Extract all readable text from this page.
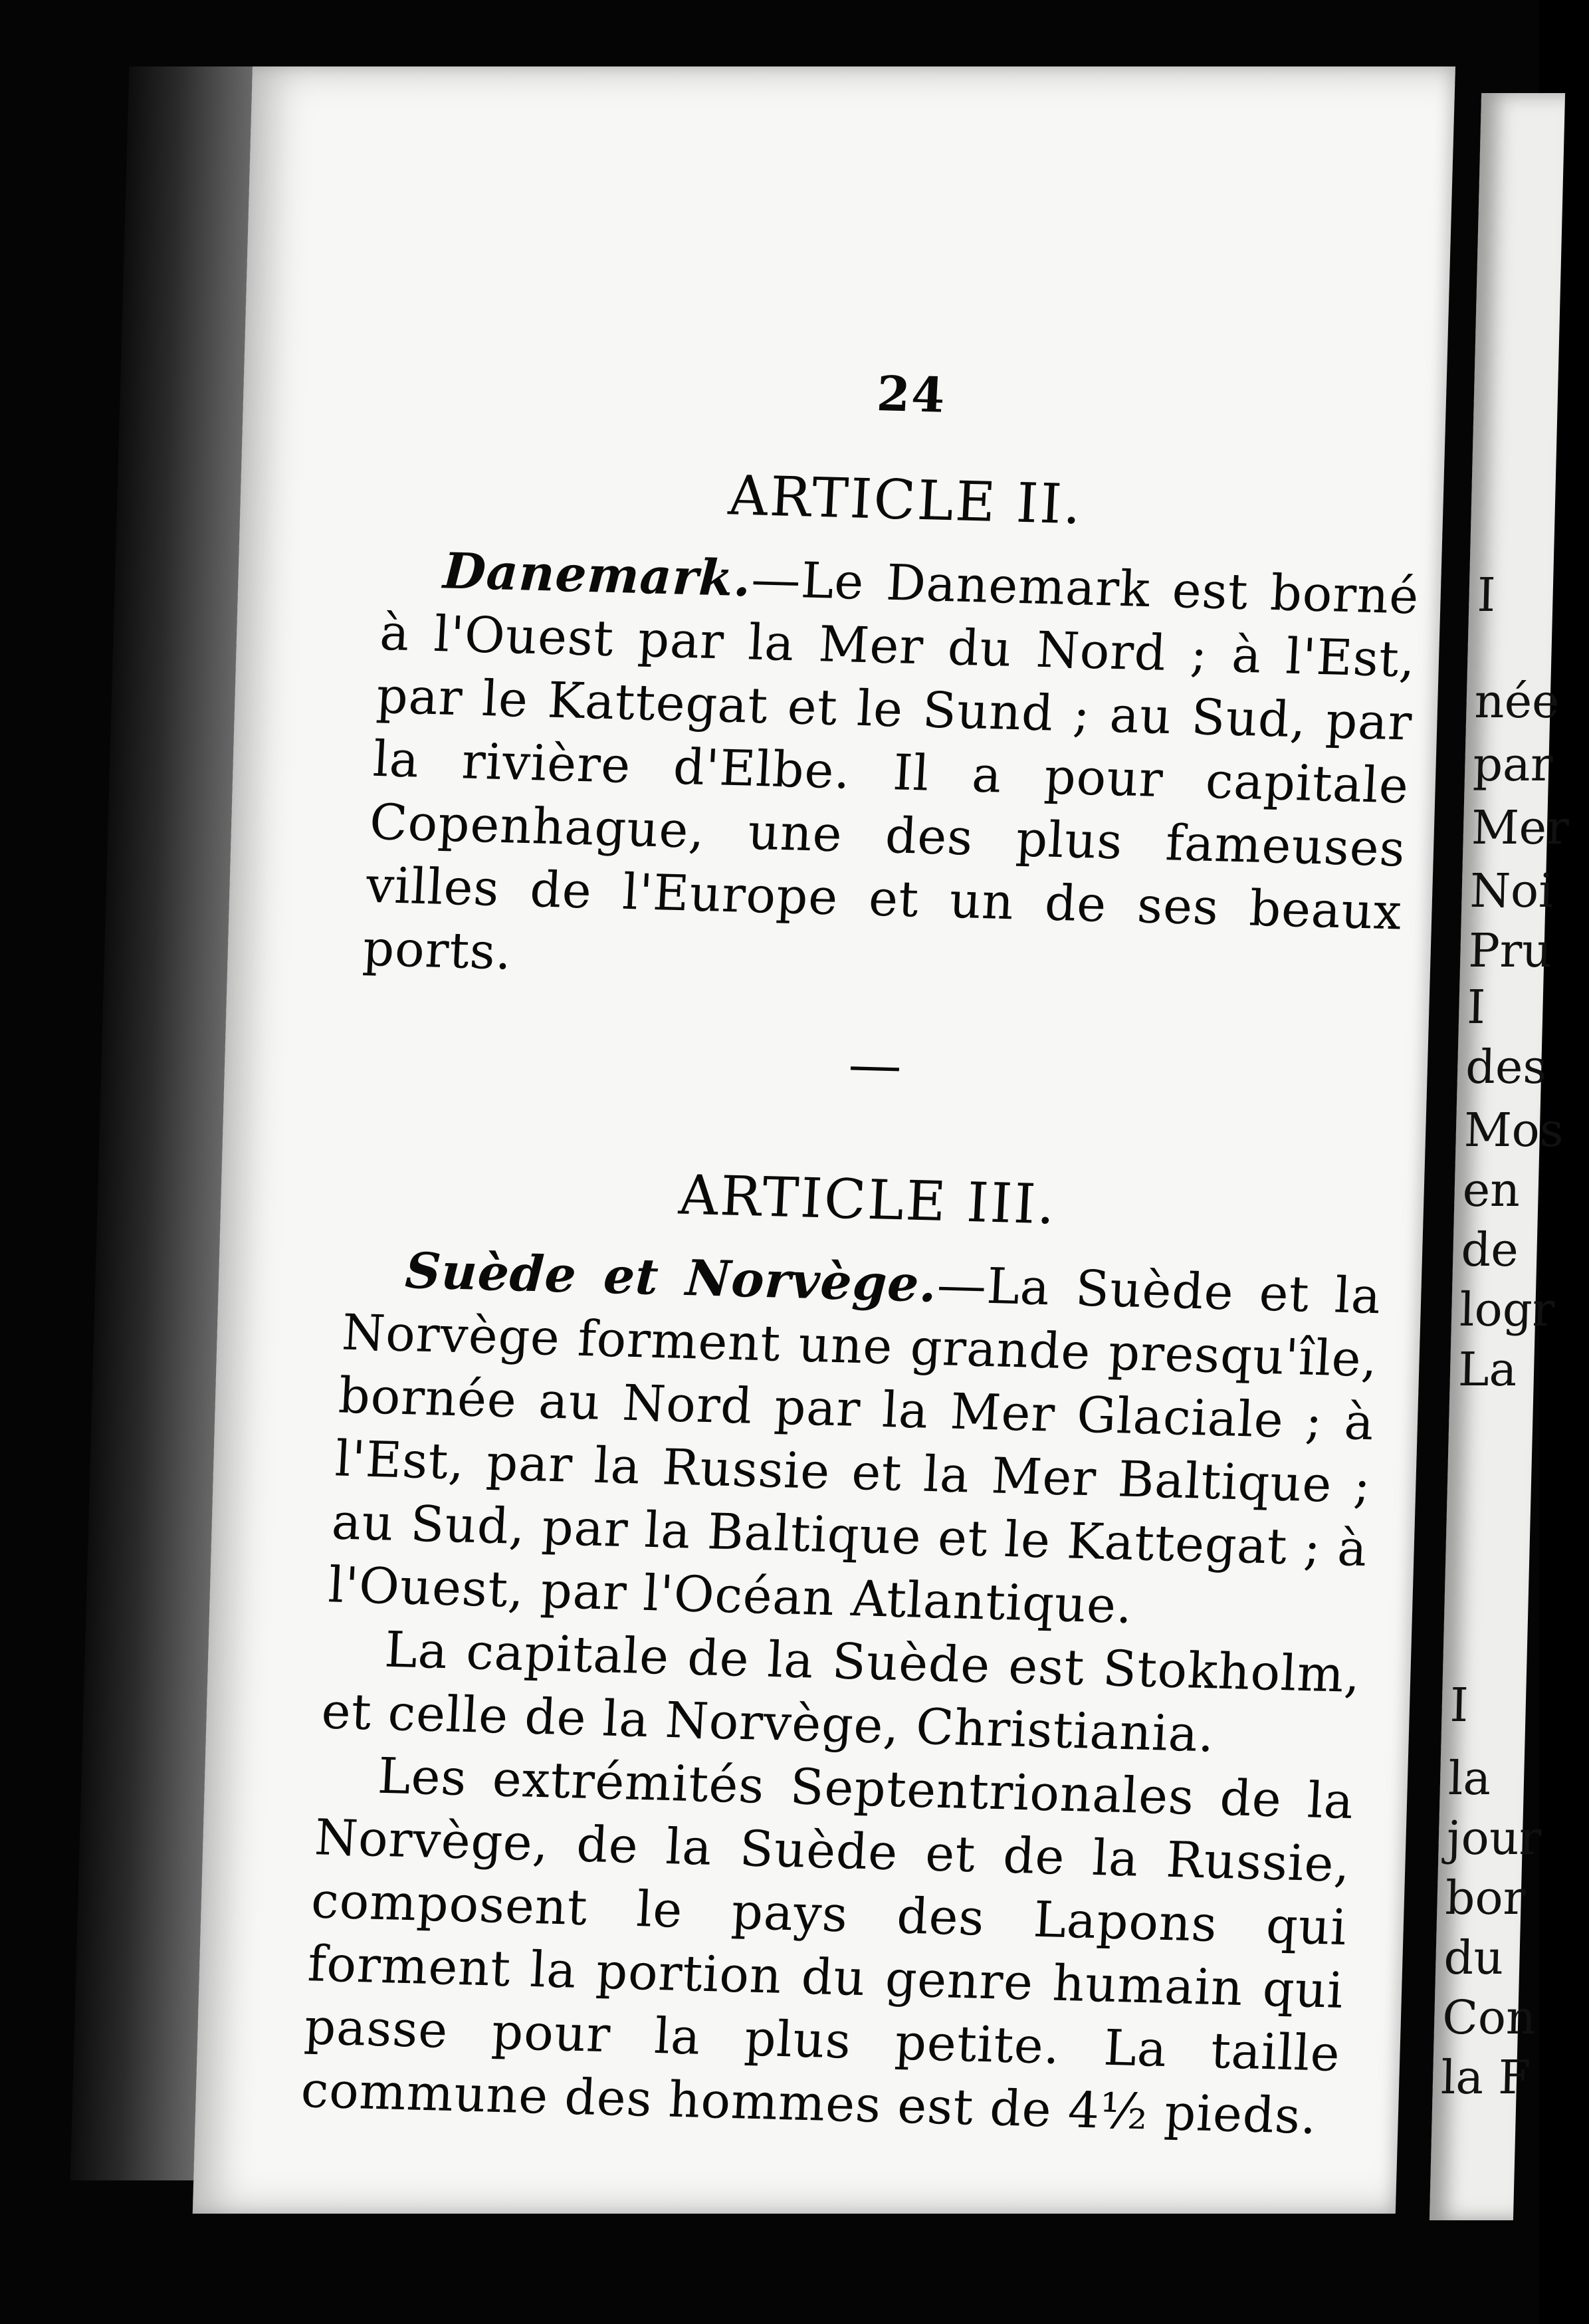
24
ARTICLE II.

Danemark.—Le Danemark est borné à l'Ouest par la Mer du Nord ; à l'Est, par le Kattegat et le Sund ; au Sud, par la rivière d'Elbe. Il a pour capitale Copenhague, une des plus fameuses villes de l'Europe et un de ses beaux ports.

—
ARTICLE III.

Suède et Norvège.—La Suède et la Norvège forment une grande presqu'île, bornée au Nord par la Mer Glaciale ; à l'Est, par la Russie et la Mer Baltique ; au Sud, par la Baltique et le Kattegat ; à l'Ouest, par l'Océan Atlantique.

La capitale de la Suède est Stokholm, et celle de la Norvège, Christiania.

Les extrémités Septentrionales de la Norvège, de la Suède et de la Russie, composent le pays des Lapons qui forment la portion du genre humain qui passe pour la plus petite. La taille commune des hommes est de 4½ pieds.

I
née
par
Mer
Noi
Pru
I
des
Mos
en
de
logr
La
I
la
jour
bor
du
Con
la F
